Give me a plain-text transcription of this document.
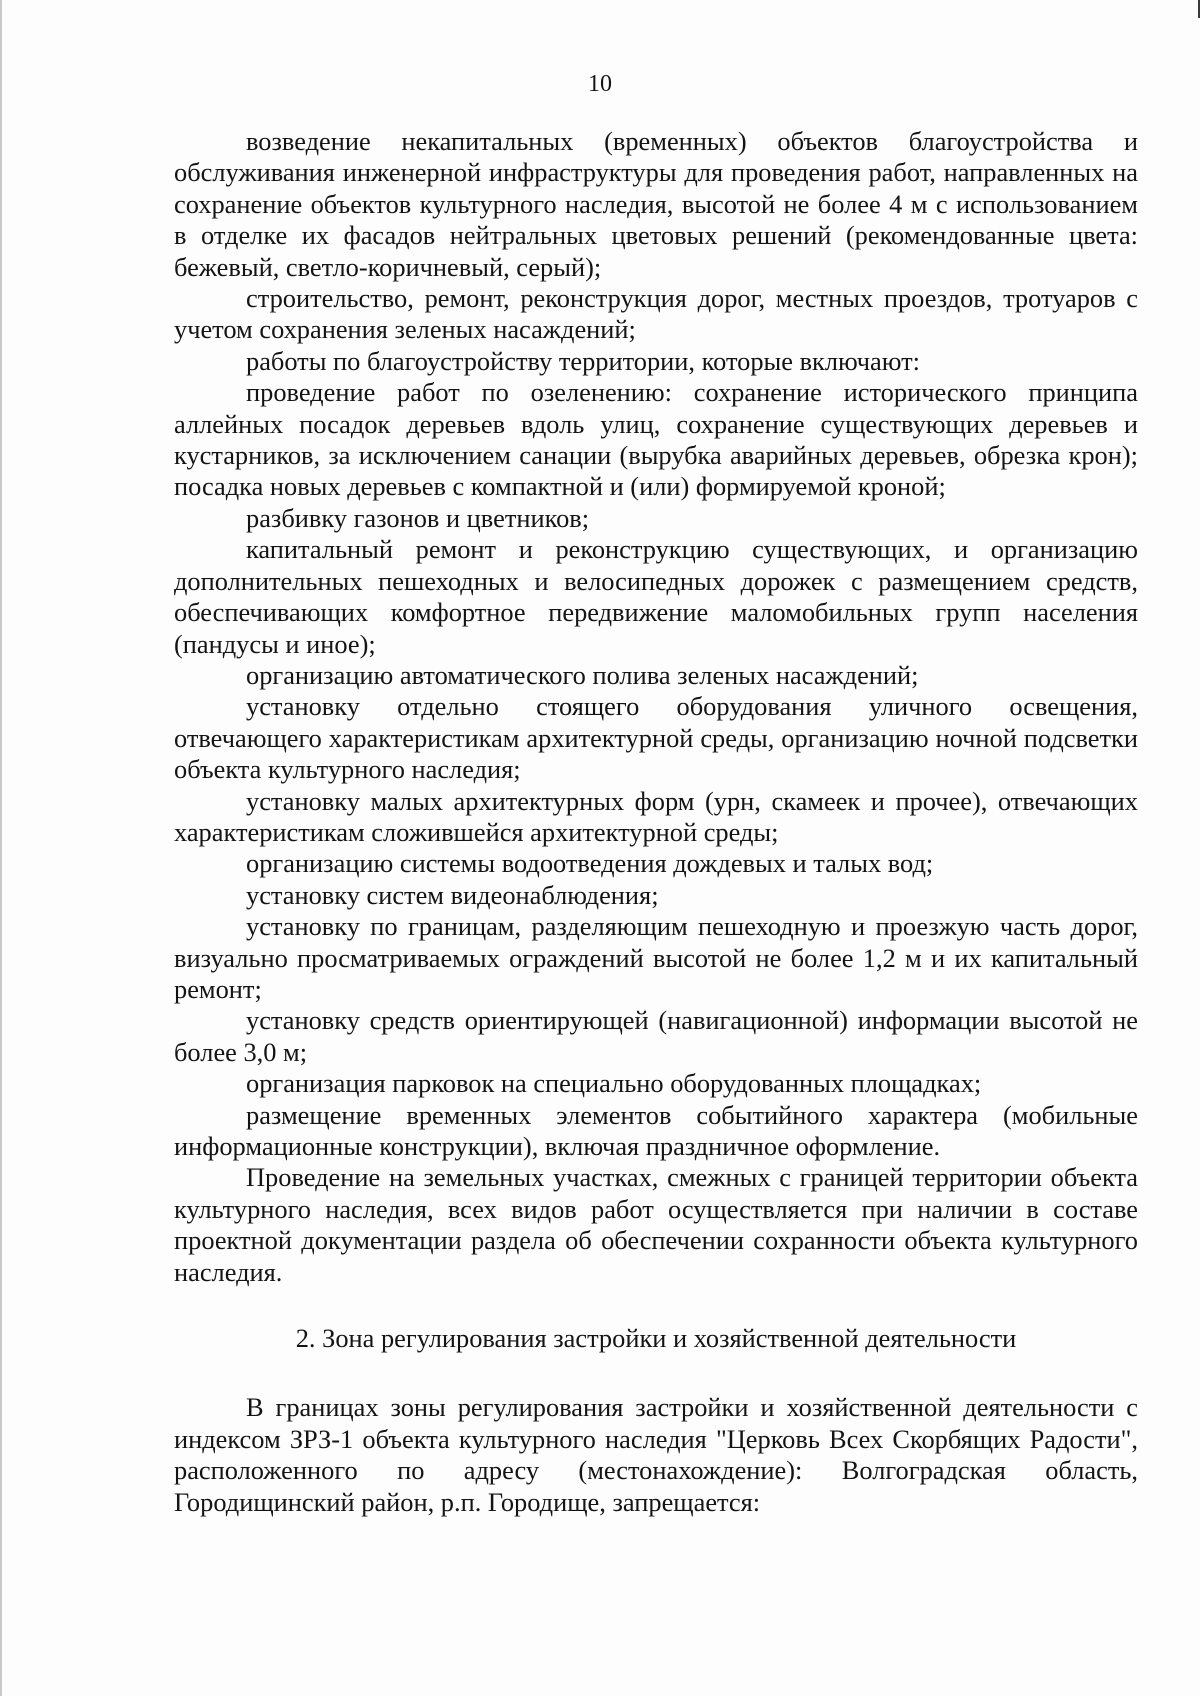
10

возведение некапитальных (временных) объектов благоустройства и обслуживания инженерной инфраструктуры для проведения работ, направленных на сохранение объектов культурного наследия, высотой не более 4 м с использованием в отделке их фасадов нейтральных цветовых решений (рекомендованные цвета: бежевый, светло-коричневый, серый);

строительство, ремонт, реконструкция дорог, местных проездов, тротуаров с учетом сохранения зеленых насаждений;

работы по благоустройству территории, которые включают:

проведение работ по озеленению: сохранение исторического принципа аллейных посадок деревьев вдоль улиц, сохранение существующих деревьев и кустарников, за исключением санации (вырубка аварийных деревьев, обрезка крон); посадка новых деревьев с компактной и (или) формируемой кроной;

разбивку газонов и цветников;

капитальный ремонт и реконструкцию существующих, и организацию дополнительных пешеходных и велосипедных дорожек с размещением средств, обеспечивающих комфортное передвижение маломобильных групп населения (пандусы и иное);

организацию автоматического полива зеленых насаждений;

установку отдельно стоящего оборудования уличного освещения, отвечающего характеристикам архитектурной среды, организацию ночной подсветки объекта культурного наследия;

установку малых архитектурных форм (урн, скамеек и прочее), отвечающих характеристикам сложившейся архитектурной среды;

организацию системы водоотведения дождевых и талых вод;

установку систем видеонаблюдения;

установку по границам, разделяющим пешеходную и проезжую часть дорог, визуально просматриваемых ограждений высотой не более 1,2 м и их капитальный ремонт;

установку средств ориентирующей (навигационной) информации высотой не более 3,0 м;

организация парковок на специально оборудованных площадках;

размещение временных элементов событийного характера (мобильные информационные конструкции), включая праздничное оформление.

Проведение на земельных участках, смежных с границей территории объекта культурного наследия, всех видов работ осуществляется при наличии в составе проектной документации раздела об обеспечении сохранности объекта культурного наследия.

2. Зона регулирования застройки и хозяйственной деятельности

В границах зоны регулирования застройки и хозяйственной деятельности с индексом ЗРЗ-1 объекта культурного наследия "Церковь Всех Скорбящих Радости", расположенного по адресу (местонахождение): Волгоградская область, Городищинский район, р.п. Городище, запрещается:
